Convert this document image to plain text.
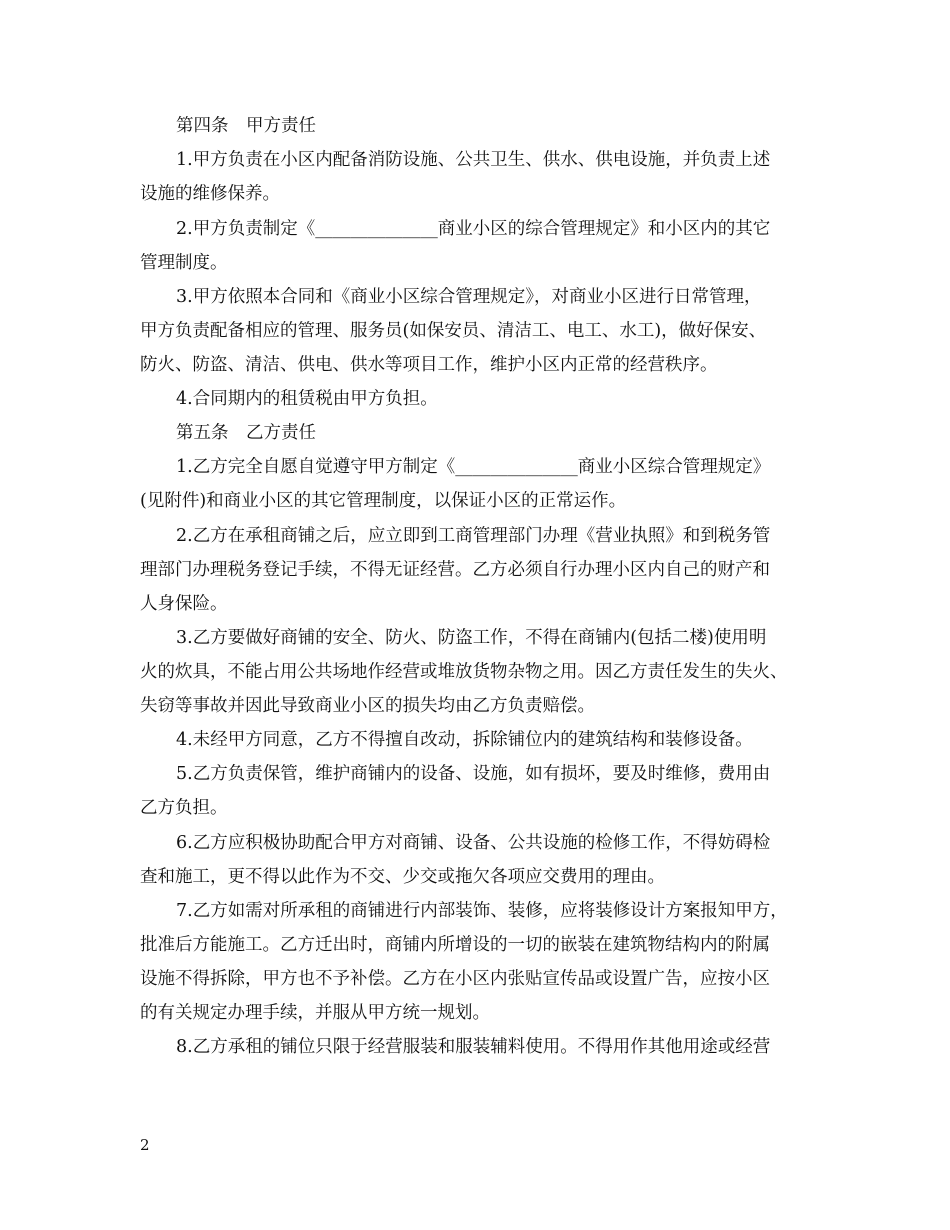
第四条　甲方责任
1.甲方负责在小区内配备消防设施、公共卫生、供水、供电设施，并负责上述
设施的维修保养。
2.甲方负责制定《______________商业小区的综合管理规定》和小区内的其它
管理制度。
3.甲方依照本合同和《商业小区综合管理规定》，对商业小区进行日常管理，
甲方负责配备相应的管理、服务员(如保安员、清洁工、电工、水工)，做好保安、
防火、防盗、清洁、供电、供水等项目工作，维护小区内正常的经营秩序。
4.合同期内的租赁税由甲方负担。
第五条　乙方责任
1.乙方完全自愿自觉遵守甲方制定《______________商业小区综合管理规定》
(见附件)和商业小区的其它管理制度，以保证小区的正常运作。
2.乙方在承租商铺之后，应立即到工商管理部门办理《营业执照》和到税务管
理部门办理税务登记手续，不得无证经营。乙方必须自行办理小区内自己的财产和
人身保险。
3.乙方要做好商铺的安全、防火、防盗工作，不得在商铺内(包括二楼)使用明
火的炊具，不能占用公共场地作经营或堆放货物杂物之用。因乙方责任发生的失火、
失窃等事故并因此导致商业小区的损失均由乙方负责赔偿。
4.未经甲方同意，乙方不得擅自改动，拆除铺位内的建筑结构和装修设备。
5.乙方负责保管，维护商铺内的设备、设施，如有损坏，要及时维修，费用由
乙方负担。
6.乙方应积极协助配合甲方对商铺、设备、公共设施的检修工作，不得妨碍检
查和施工，更不得以此作为不交、少交或拖欠各项应交费用的理由。
7.乙方如需对所承租的商铺进行内部装饰、装修，应将装修设计方案报知甲方，
批准后方能施工。乙方迁出时，商铺内所增设的一切的嵌装在建筑物结构内的附属
设施不得拆除，甲方也不予补偿。乙方在小区内张贴宣传品或设置广告，应按小区
的有关规定办理手续，并服从甲方统一规划。
8.乙方承租的铺位只限于经营服装和服装辅料使用。不得用作其他用途或经营
2
